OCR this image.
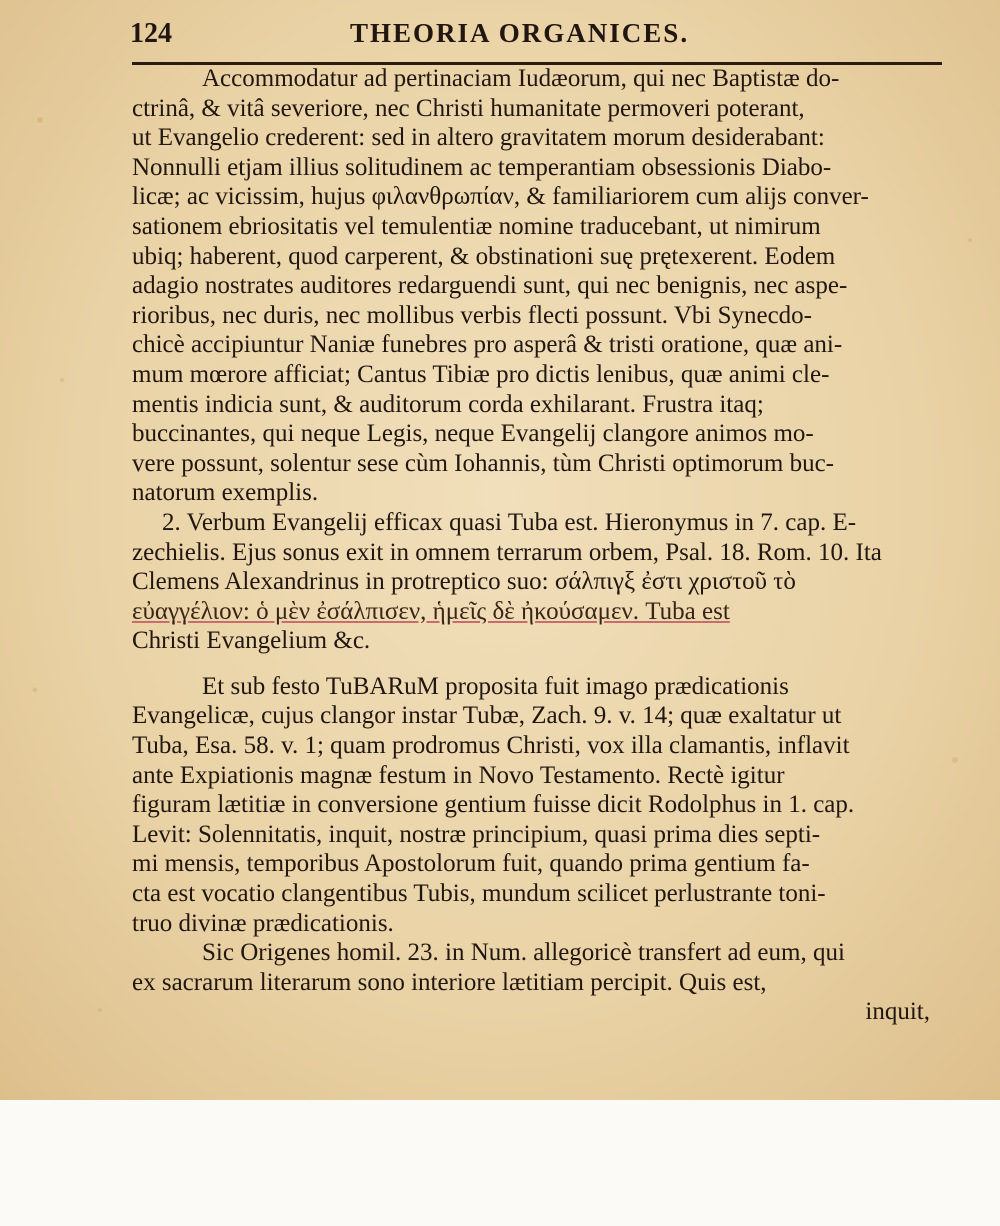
124	THEORIA ORGANICES.
Accommodatur ad pertinaciam Iudæorum, qui nec Baptistæ do-
ctrinâ, & vitâ severiore, nec Christi humanitate permoveri poterant,
ut Evangelio crederent: sed in altero gravitatem morum desiderabant:
Nonnulli etjam illius solitudinem ac temperantiam obsessionis Diabo-
licæ; ac vicissim, hujus φιλανθρωπίαν, & familiariorem cum alijs conver-
sationem ebriositatis vel temulentiæ nomine traducebant, ut nimirum
ubiq; haberent, quod carperent, & obstinationi suę prętexerent. Eodem
adagio nostrates auditores redarguendi sunt, qui nec benignis, nec aspe-
rioribus, nec duris, nec mollibus verbis flecti possunt. Vbi Synecdo-
chicè accipiuntur Naniæ funebres pro asperâ & tristi oratione, quæ ani-
mum mœrore afficiat; Cantus Tibiæ pro dictis lenibus, quæ animi cle-
mentis indicia sunt, & auditorum corda exhilarant. Frustra itaq;
buccinantes, qui neque Legis, neque Evangelij clangore animos mo-
vere possunt, solentur sese cùm Iohannis, tùm Christi optimorum buc-
natorum exemplis.
2. Verbum Evangelij efficax quasi Tuba est. Hieronymus in 7. cap. E-
zechielis. Ejus sonus exit in omnem terrarum orbem, Psal. 18. Rom. 10. Ita
Clemens Alexandrinus in protreptico suo: σάλπιγξ ἐστι χριστοῦ τὸ
εὐαγγέλιον: ὁ μὲν ἐσάλπισεν, ἡμεῖς δὲ ἠκούσαμεν. Tuba est
Christi Evangelium &c.
Et sub festo TuBARuM proposita fuit imago prædicationis
Evangelicæ, cujus clangor instar Tubæ, Zach. 9. v. 14; quæ exaltatur ut
Tuba, Esa. 58. v. 1; quam prodromus Christi, vox illa clamantis, inflavit
ante Expiationis magnæ festum in Novo Testamento. Rectè igitur
figuram lætitiæ in conversione gentium fuisse dicit Rodolphus in 1. cap.
Levit: Solennitatis, inquit, nostræ principium, quasi prima dies septi-
mi mensis, temporibus Apostolorum fuit, quando prima gentium fa-
cta est vocatio clangentibus Tubis, mundum scilicet perlustrante toni-
truo divinæ prædicationis.
Sic Origenes homil. 23. in Num. allegoricè transfert ad eum, qui
ex sacrarum literarum sono interiore lætitiam percipit. Quis est,
inquit,
